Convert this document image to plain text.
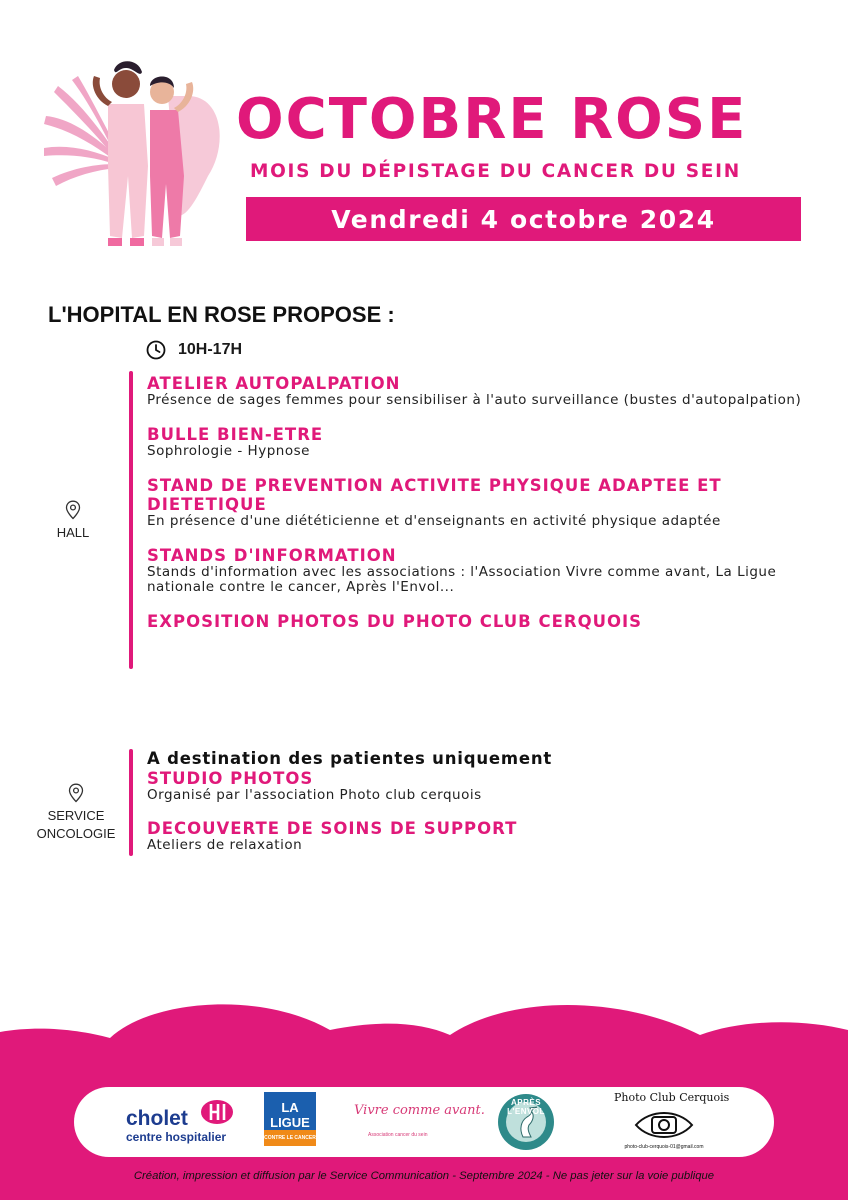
OCTOBRE ROSE
MOIS DU DÉPISTAGE DU CANCER DU SEIN
Vendredi 4 octobre 2024
L'HOPITAL EN ROSE PROPOSE :
10H-17H
HALL
ATELIER AUTOPALPATION
Présence de sages femmes pour sensibiliser à l'auto surveillance (bustes d'autopalpation)
BULLE BIEN-ETRE
Sophrologie - Hypnose
STAND DE PREVENTION ACTIVITE PHYSIQUE ADAPTEE ET DIETETIQUE
En présence d'une diététicienne et d'enseignants en activité physique adaptée
STANDS D'INFORMATION
Stands d'information avec les associations : l'Association Vivre comme avant, La Ligue nationale contre le cancer, Après l'Envol...
EXPOSITION PHOTOS DU PHOTO CLUB CERQUOIS
SERVICE
ONCOLOGIE
A destination des patientes uniquement
STUDIO PHOTOS
Organisé par l'association Photo club cerquois
DECOUVERTE DE SOINS DE SUPPORT
Ateliers de relaxation
cholet
centre hospitalier
LA LIGUE
CONTRE LE CANCER
Vivre comme avant.
Association cancer du sein
APRÈS L'ENVOL
Photo Club Cerquois
photo-club-cerquois-01@gmail.com
Création, impression et diffusion par le Service Communication - Septembre 2024 - Ne pas jeter sur la voie publique
